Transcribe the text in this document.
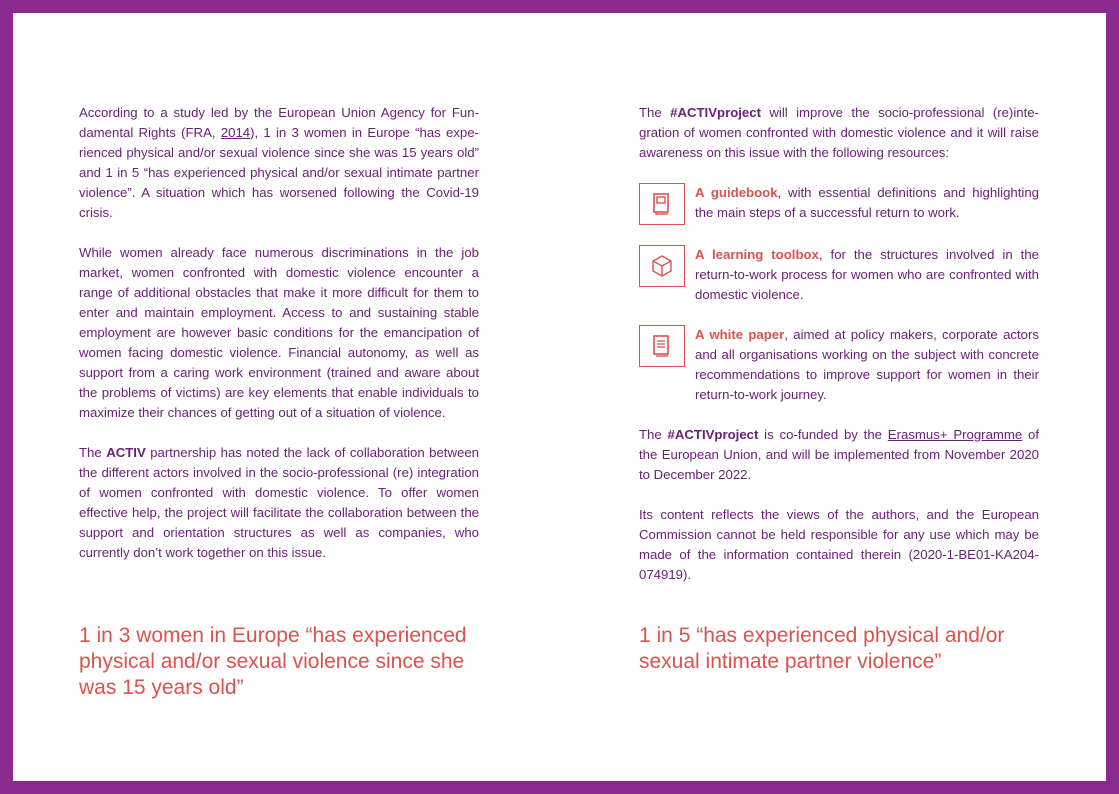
According to a study led by the European Union Agency for Fundamental Rights (FRA, 2014), 1 in 3 women in Europe “has experienced physical and/or sexual violence since she was 15 years old” and 1 in 5 “has experienced physical and/or sexual intimate partner violence”. A situation which has worsened following the Covid-19 crisis.

While women already face numerous discriminations in the job market, women confronted with domestic violence encounter a range of additional obstacles that make it more difficult for them to enter and maintain employment. Access to and sustaining stable employment are however basic conditions for the emancipation of women facing domestic violence. Financial autonomy, as well as support from a caring work environment (trained and aware about the problems of victims) are key elements that enable individuals to maximize their chances of getting out of a situation of violence.

The ACTIV partnership has noted the lack of collaboration between the different actors involved in the socio-professional (re) integration of women confronted with domestic violence. To offer women effective help, the project will facilitate the collaboration between the support and orientation structures as well as companies, who currently don’t work together on this issue.

1 in 3 women in Europe “has experienced physical and/or sexual violence since she was 15 years old”

The #ACTIVproject will improve the socio-professional (re)integration of women confronted with domestic violence and it will raise awareness on this issue with the following resources:

A guidebook, with essential definitions and highlighting the main steps of a successful return to work.
A learning toolbox, for the structures involved in the return-to-work process for women who are confronted with domestic violence.
A white paper, aimed at policy makers, corporate actors and all organisations working on the subject with concrete recommendations to improve support for women in their return-to-work journey.

The #ACTIVproject is co-funded by the Erasmus+ Programme of the European Union, and will be implemented from November 2020 to December 2022.

Its content reflects the views of the authors, and the European Commission cannot be held responsible for any use which may be made of the information contained therein (2020-1-BE01-KA204-074919).

1 in 5 “has experienced physical and/or sexual intimate partner violence”
